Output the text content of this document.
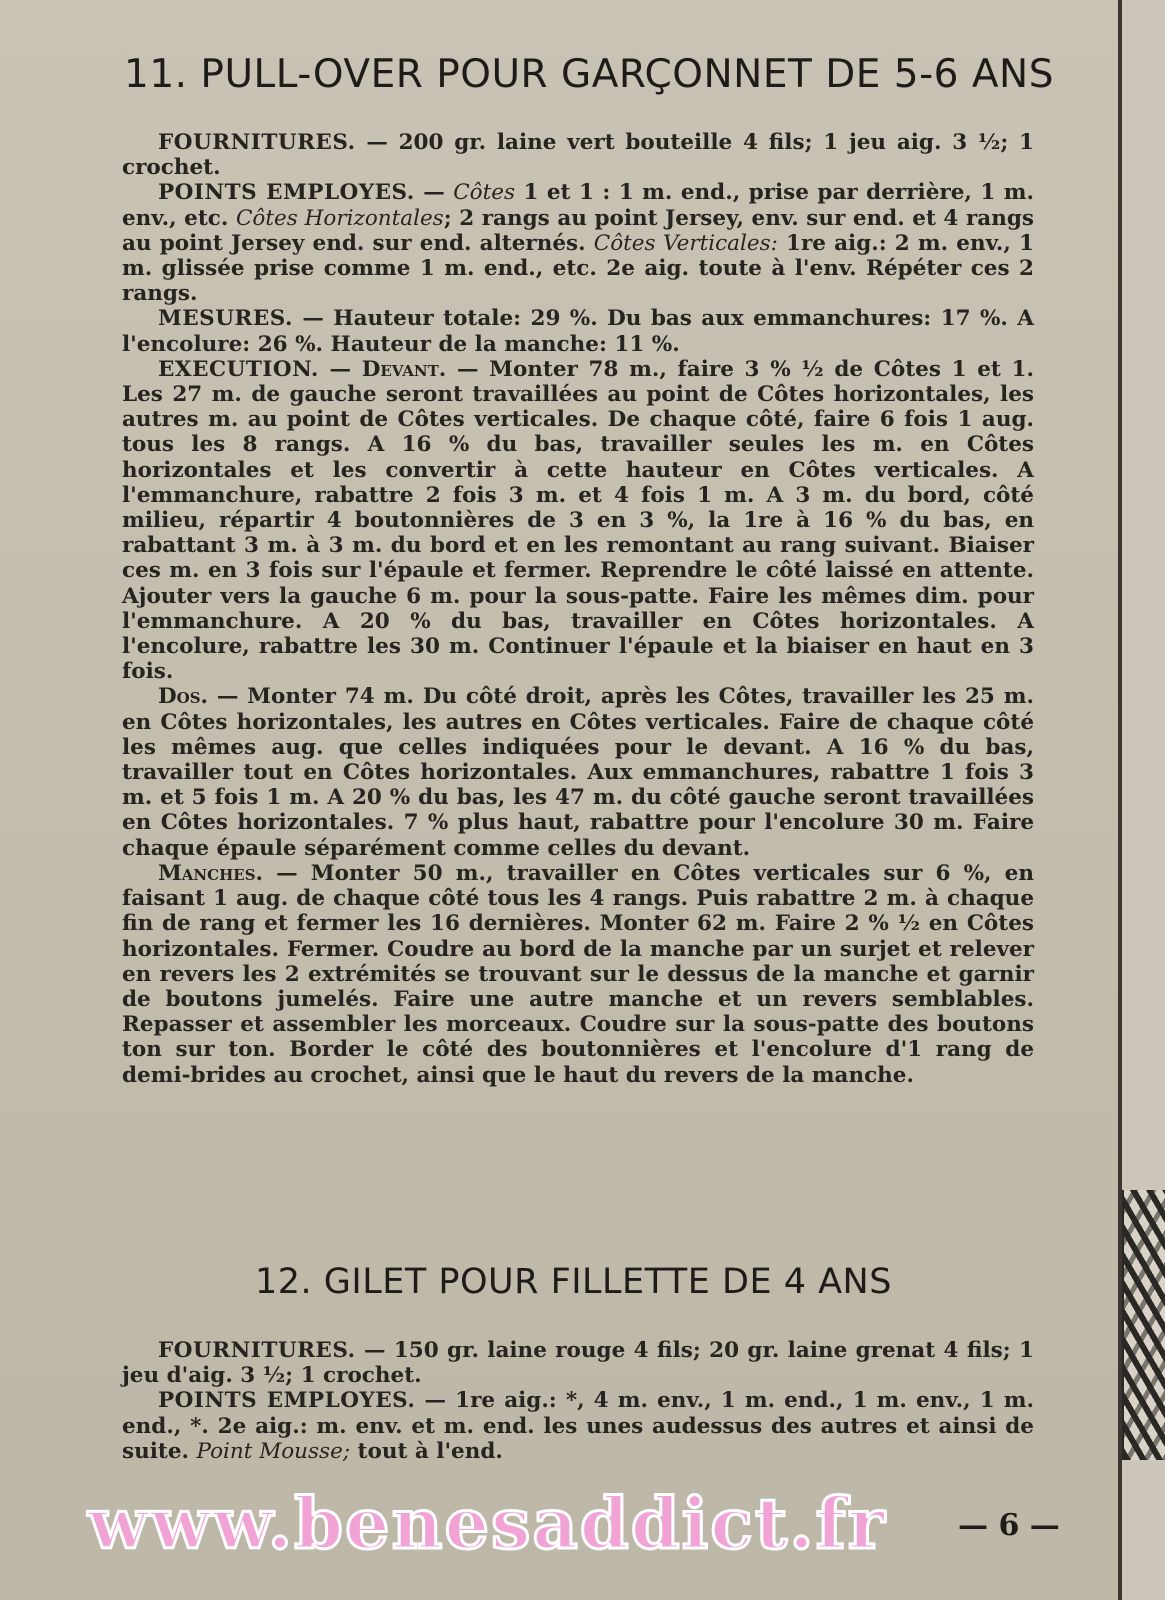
11. PULL-OVER POUR GARÇONNET DE 5-6 ANS

FOURNITURES. — 200 gr. laine vert bouteille 4 fils; 1 jeu aig. 3 ½; 1 crochet.

POINTS EMPLOYES. — Côtes 1 et 1 : 1 m. end., prise par derrière, 1 m. env., etc. Côtes Horizontales; 2 rangs au point Jersey, env. sur end. et 4 rangs au point Jersey end. sur end. alternés. Côtes Verticales: 1re aig.: 2 m. env., 1 m. glissée prise comme 1 m. end., etc. 2e aig. toute à l'env. Répéter ces 2 rangs.

MESURES. — Hauteur totale: 29 %. Du bas aux emmanchures: 17 %. A l'encolure: 26 %. Hauteur de la manche: 11 %.

EXECUTION. — Devant. — Monter 78 m., faire 3 % ½ de Côtes 1 et 1. Les 27 m. de gauche seront travaillées au point de Côtes horizontales, les autres m. au point de Côtes verticales. De chaque côté, faire 6 fois 1 aug. tous les 8 rangs. A 16 % du bas, travailler seules les m. en Côtes horizontales et les convertir à cette hauteur en Côtes verticales. A l'emmanchure, rabattre 2 fois 3 m. et 4 fois 1 m. A 3 m. du bord, côté milieu, répartir 4 boutonnières de 3 en 3 %, la 1re à 16 % du bas, en rabattant 3 m. à 3 m. du bord et en les remontant au rang suivant. Biaiser ces m. en 3 fois sur l'épaule et fermer. Reprendre le côté laissé en attente. Ajouter vers la gauche 6 m. pour la sous-patte. Faire les mêmes dim. pour l'emmanchure. A 20 % du bas, travailler en Côtes horizontales. A l'encolure, rabattre les 30 m. Continuer l'épaule et la biaiser en haut en 3 fois.

Dos. — Monter 74 m. Du côté droit, après les Côtes, travailler les 25 m. en Côtes horizontales, les autres en Côtes verticales. Faire de chaque côté les mêmes aug. que celles indiquées pour le devant. A 16 % du bas, travailler tout en Côtes horizontales. Aux emmanchures, rabattre 1 fois 3 m. et 5 fois 1 m. A 20 % du bas, les 47 m. du côté gauche seront travaillées en Côtes horizontales. 7 % plus haut, rabattre pour l'encolure 30 m. Faire chaque épaule séparément comme celles du devant.

Manches. — Monter 50 m., travailler en Côtes verticales sur 6 %, en faisant 1 aug. de chaque côté tous les 4 rangs. Puis rabattre 2 m. à chaque fin de rang et fermer les 16 dernières. Monter 62 m. Faire 2 % ½ en Côtes horizontales. Fermer. Coudre au bord de la manche par un surjet et relever en revers les 2 extrémités se trouvant sur le dessus de la manche et garnir de boutons jumelés. Faire une autre manche et un revers semblables. Repasser et assembler les morceaux. Coudre sur la sous-patte des boutons ton sur ton. Border le côté des boutonnières et l'encolure d'1 rang de demi-brides au crochet, ainsi que le haut du revers de la manche.

12. GILET POUR FILLETTE DE 4 ANS

FOURNITURES. — 150 gr. laine rouge 4 fils; 20 gr. laine grenat 4 fils; 1 jeu d'aig. 3 ½; 1 crochet.

POINTS EMPLOYES. — 1re aig.: *, 4 m. env., 1 m. end., 1 m. env., 1 m. end., *. 2e aig.: m. env. et m. end. les unes audessus des autres et ainsi de suite. Point Mousse; tout à l'end.

www.benesaddict.fr — 6 —
